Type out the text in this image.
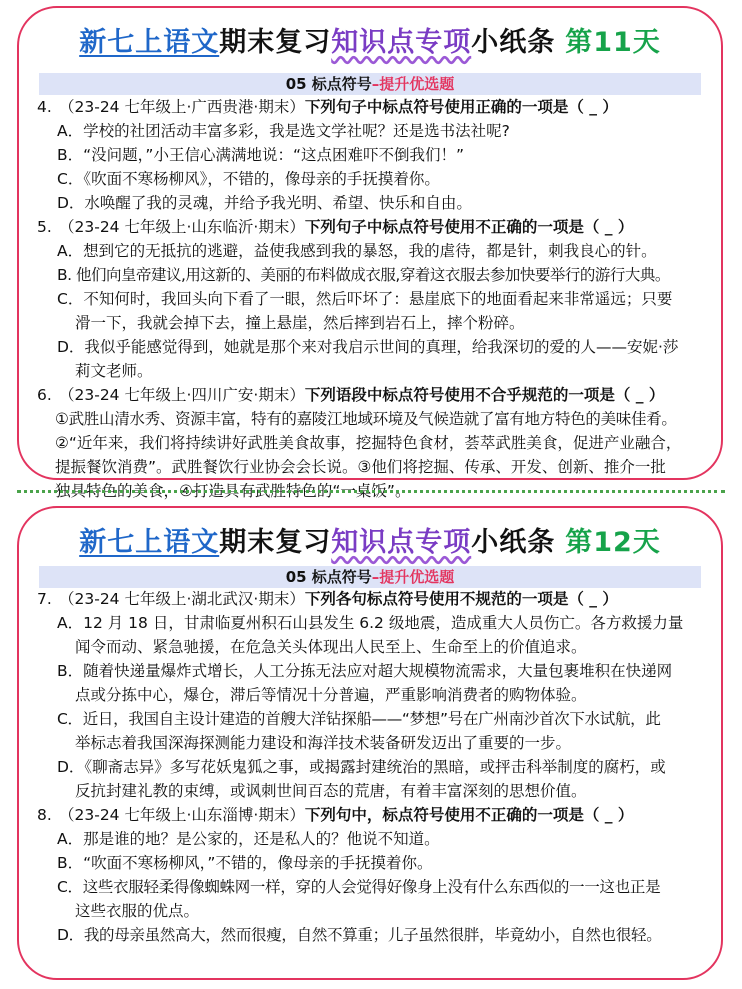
新七上语文期末复习知识点专项小纸条 第11天
05 标点符号–提升优选题
4. （23-24 七年级上·广西贵港·期末）下列句子中标点符号使用正确的一项是（ _ ）
A．学校的社团活动丰富多彩，我是选文学社呢？还是选书法社呢?
B．“没问题，”小王信心满满地说：“这点困难吓不倒我们！”
C．《吹面不寒杨柳风》，不错的，像母亲的手抚摸着你。
D．水唤醒了我的灵魂，并给予我光明、希望、快乐和自由。
5. （23-24 七年级上·山东临沂·期末）下列句子中标点符号使用不正确的一项是（ _ ）
A．想到它的无抵抗的逃避，益使我感到我的暴怒，我的虐待，都是针，刺我良心的针。
B. 他们向皇帝建议,用这新的、美丽的布料做成衣服,穿着这衣服去参加快要举行的游行大典。
C．不知何时，我回头向下看了一眼，然后吓坏了：悬崖底下的地面看起来非常遥远；只要
滑一下，我就会掉下去，撞上悬崖，然后摔到岩石上，摔个粉碎。
D．我似乎能感觉得到，她就是那个来对我启示世间的真理，给我深切的爱的人——安妮·莎
莉文老师。
6. （23-24 七年级上·四川广安·期末）下列语段中标点符号使用不合乎规范的一项是（ _ ）
①武胜山清水秀、资源丰富，特有的嘉陵江地域环境及气候造就了富有地方特色的美味佳肴。
②“近年来，我们将持续讲好武胜美食故事，挖掘特色食材，荟萃武胜美食，促进产业融合，
提振餐饮消费”。武胜餐饮行业协会会长说。③他们将挖掘、传承、开发、创新、推介一批
独具特色的美食，④打造具有武胜特色的“一桌饭”。
新七上语文期末复习知识点专项小纸条 第12天
05 标点符号–提升优选题
7. （23-24 七年级上·湖北武汉·期末）下列各句标点符号使用不规范的一项是（ _ ）
A．12 月 18 日，甘肃临夏州积石山县发生 6.2 级地震，造成重大人员伤亡。各方救援力量
闻令而动、紧急驰援，在危急关头体现出人民至上、生命至上的价值追求。
B．随着快递量爆炸式增长，人工分拣无法应对超大规模物流需求，大量包裹堆积在快递网
点或分拣中心，爆仓，滞后等情况十分普遍，严重影响消费者的购物体验。
C．近日，我国自主设计建造的首艘大洋钻探船——“梦想”号在广州南沙首次下水试航，此
举标志着我国深海探测能力建设和海洋技术装备研发迈出了重要的一步。
D．《聊斋志异》多写花妖鬼狐之事，或揭露封建统治的黑暗，或抨击科举制度的腐朽，或
反抗封建礼教的束缚，或讽刺世间百态的荒唐，有着丰富深刻的思想价值。
8. （23-24 七年级上·山东淄博·期末）下列句中，标点符号使用不正确的一项是（ _ ）
A．那是谁的地？是公家的，还是私人的？他说不知道。
B．“吹面不寒杨柳风，”不错的，像母亲的手抚摸着你。
C．这些衣服轻柔得像蜘蛛网一样，穿的人会觉得好像身上没有什么东西似的一一这也正是
这些衣服的优点。
D．我的母亲虽然高大，然而很瘦，自然不算重；儿子虽然很胖，毕竟幼小，自然也很轻。
